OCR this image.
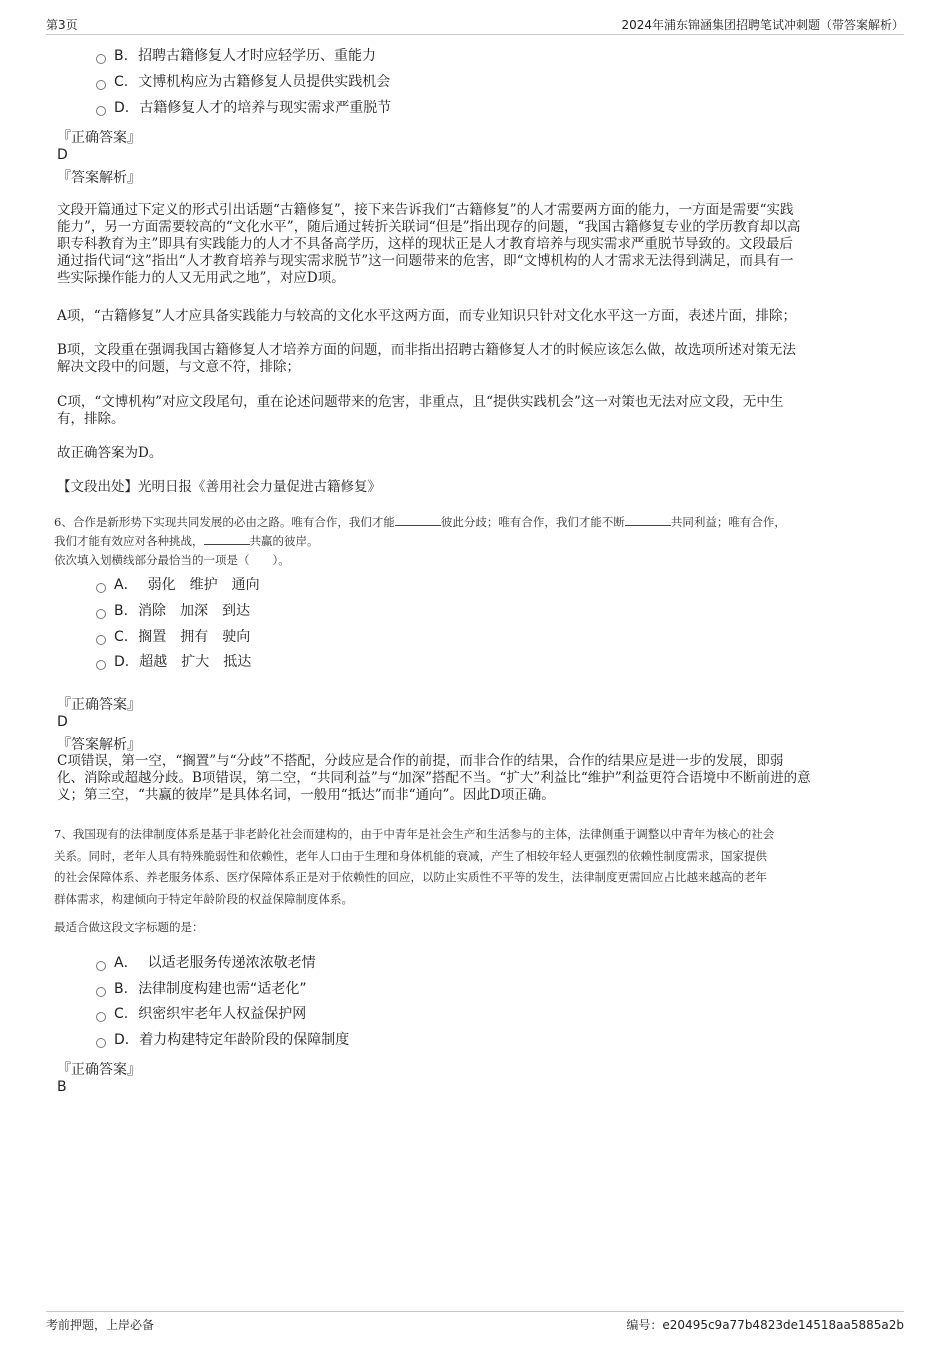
第3页	2024年浦东锦涵集团招聘笔试冲刺题（带答案解析）
B. 招聘古籍修复人才时应轻学历、重能力
C. 文博机构应为古籍修复人员提供实践机会
D. 古籍修复人才的培养与现实需求严重脱节
『正确答案』
D
『答案解析』
文段开篇通过下定义的形式引出话题“古籍修复”，接下来告诉我们“古籍修复”的人才需要两方面的能力，一方面是需要“实践
能力”，另一方面需要较高的“文化水平”，随后通过转折关联词“但是”指出现存的问题，“我国古籍修复专业的学历教育却以高
职专科教育为主”即具有实践能力的人才不具备高学历，这样的现状正是人才教育培养与现实需求严重脱节导致的。文段最后
通过指代词“这”指出“人才教育培养与现实需求脱节”这一问题带来的危害，即“文博机构的人才需求无法得到满足，而具有一
些实际操作能力的人又无用武之地”，对应D项。
A项，“古籍修复”人才应具备实践能力与较高的文化水平这两方面，而专业知识只针对文化水平这一方面，表述片面，排除；
B项，文段重在强调我国古籍修复人才培养方面的问题，而非指出招聘古籍修复人才的时候应该怎么做，故选项所述对策无法
解决文段中的问题，与文意不符，排除；
C项，“文博机构”对应文段尾句，重在论述问题带来的危害，非重点，且“提供实践机会”这一对策也无法对应文段，无中生
有，排除。
故正确答案为D。
【文段出处】光明日报《善用社会力量促进古籍修复》
6、合作是新形势下实现共同发展的必由之路。唯有合作，我们才能	彼此分歧；唯有合作，我们才能不断	共同利益；唯有合作，
我们才能有效应对各种挑战，	共赢的彼岸。
依次填入划横线部分最恰当的一项是（　　）。
A． 弱化　维护　通向
B. 消除　加深　到达
C. 搁置　拥有　驶向
D. 超越　扩大　抵达
『正确答案』
D
『答案解析』
C项错误，第一空，“搁置”与“分歧”不搭配，分歧应是合作的前提，而非合作的结果，合作的结果应是进一步的发展，即弱
化、消除或超越分歧。B项错误，第二空，“共同利益”与“加深”搭配不当。“扩大”利益比“维护”利益更符合语境中不断前进的意
义；第三空，“共赢的彼岸”是具体名词，一般用“抵达”而非“通向”。因此D项正确。
7、我国现有的法律制度体系是基于非老龄化社会而建构的，由于中青年是社会生产和生活参与的主体，法律侧重于调整以中青年为核心的社会
关系。同时，老年人具有特殊脆弱性和依赖性，老年人口由于生理和身体机能的衰减，产生了相较年轻人更强烈的依赖性制度需求，国家提供
的社会保障体系、养老服务体系、医疗保障体系正是对于依赖性的回应，以防止实质性不平等的发生，法律制度更需回应占比越来越高的老年
群体需求，构建倾向于特定年龄阶段的权益保障制度体系。
最适合做这段文字标题的是：
A． 以适老服务传递浓浓敬老情
B. 法律制度构建也需“适老化”
C. 织密织牢老年人权益保护网
D. 着力构建特定年龄阶段的保障制度
『正确答案』
B
考前押题，上岸必备	编号：e20495c9a77b4823de14518aa5885a2b
